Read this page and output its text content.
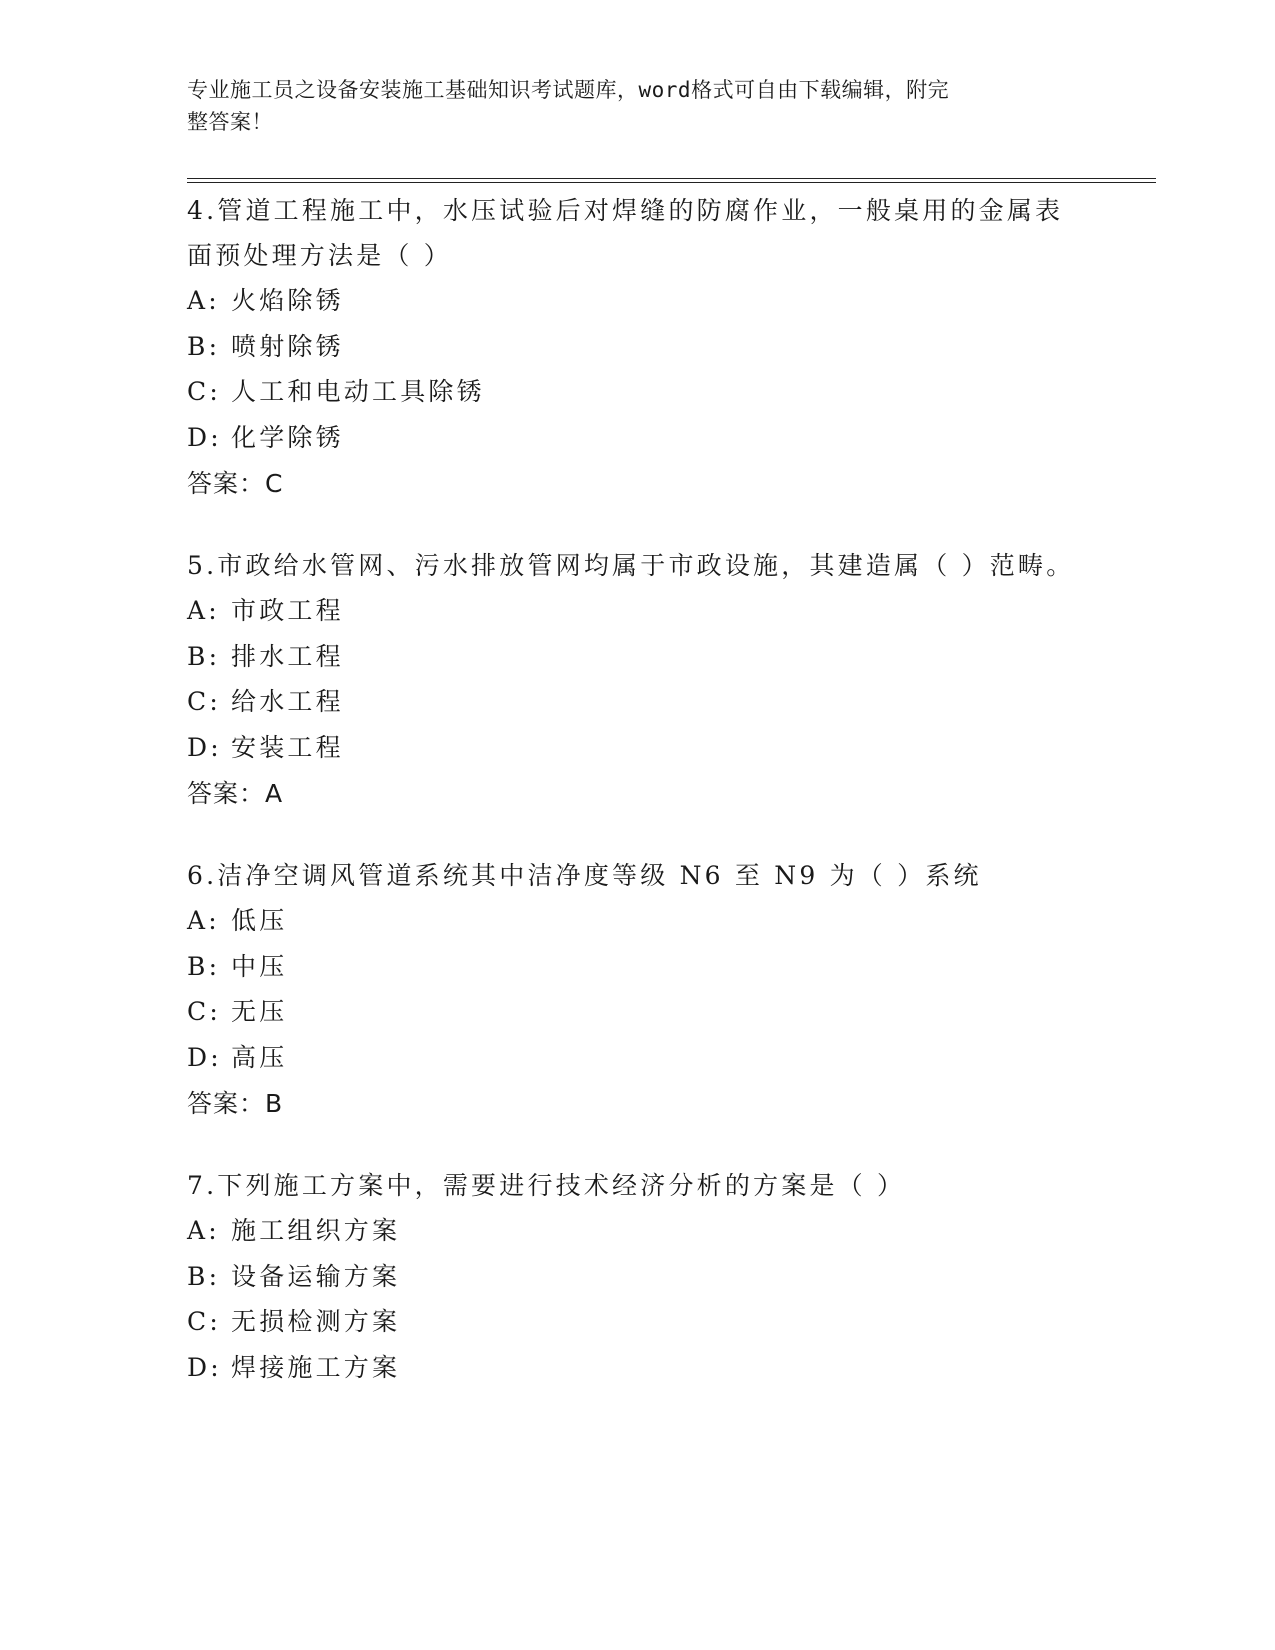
专业施工员之设备安装施工基础知识考试题库，word格式可自由下载编辑，附完
整答案！
4.管道工程施工中，水压试验后对焊缝的防腐作业，一般桌用的金属表面预处理方法是（ ）
A: 火焰除锈
B: 喷射除锈
C: 人工和电动工具除锈
D: 化学除锈
答案：C
5.市政给水管网、污水排放管网均属于市政设施，其建造属（ ）范畴。
A: 市政工程
B: 排水工程
C: 给水工程
D: 安装工程
答案：A
6.洁净空调风管道系统其中洁净度等级 N6 至 N9 为（ ）系统
A: 低压
B: 中压
C: 无压
D: 高压
答案：B
7.下列施工方案中，需要进行技术经济分析的方案是（ ）
A: 施工组织方案
B: 设备运输方案
C: 无损检测方案
D: 焊接施工方案
